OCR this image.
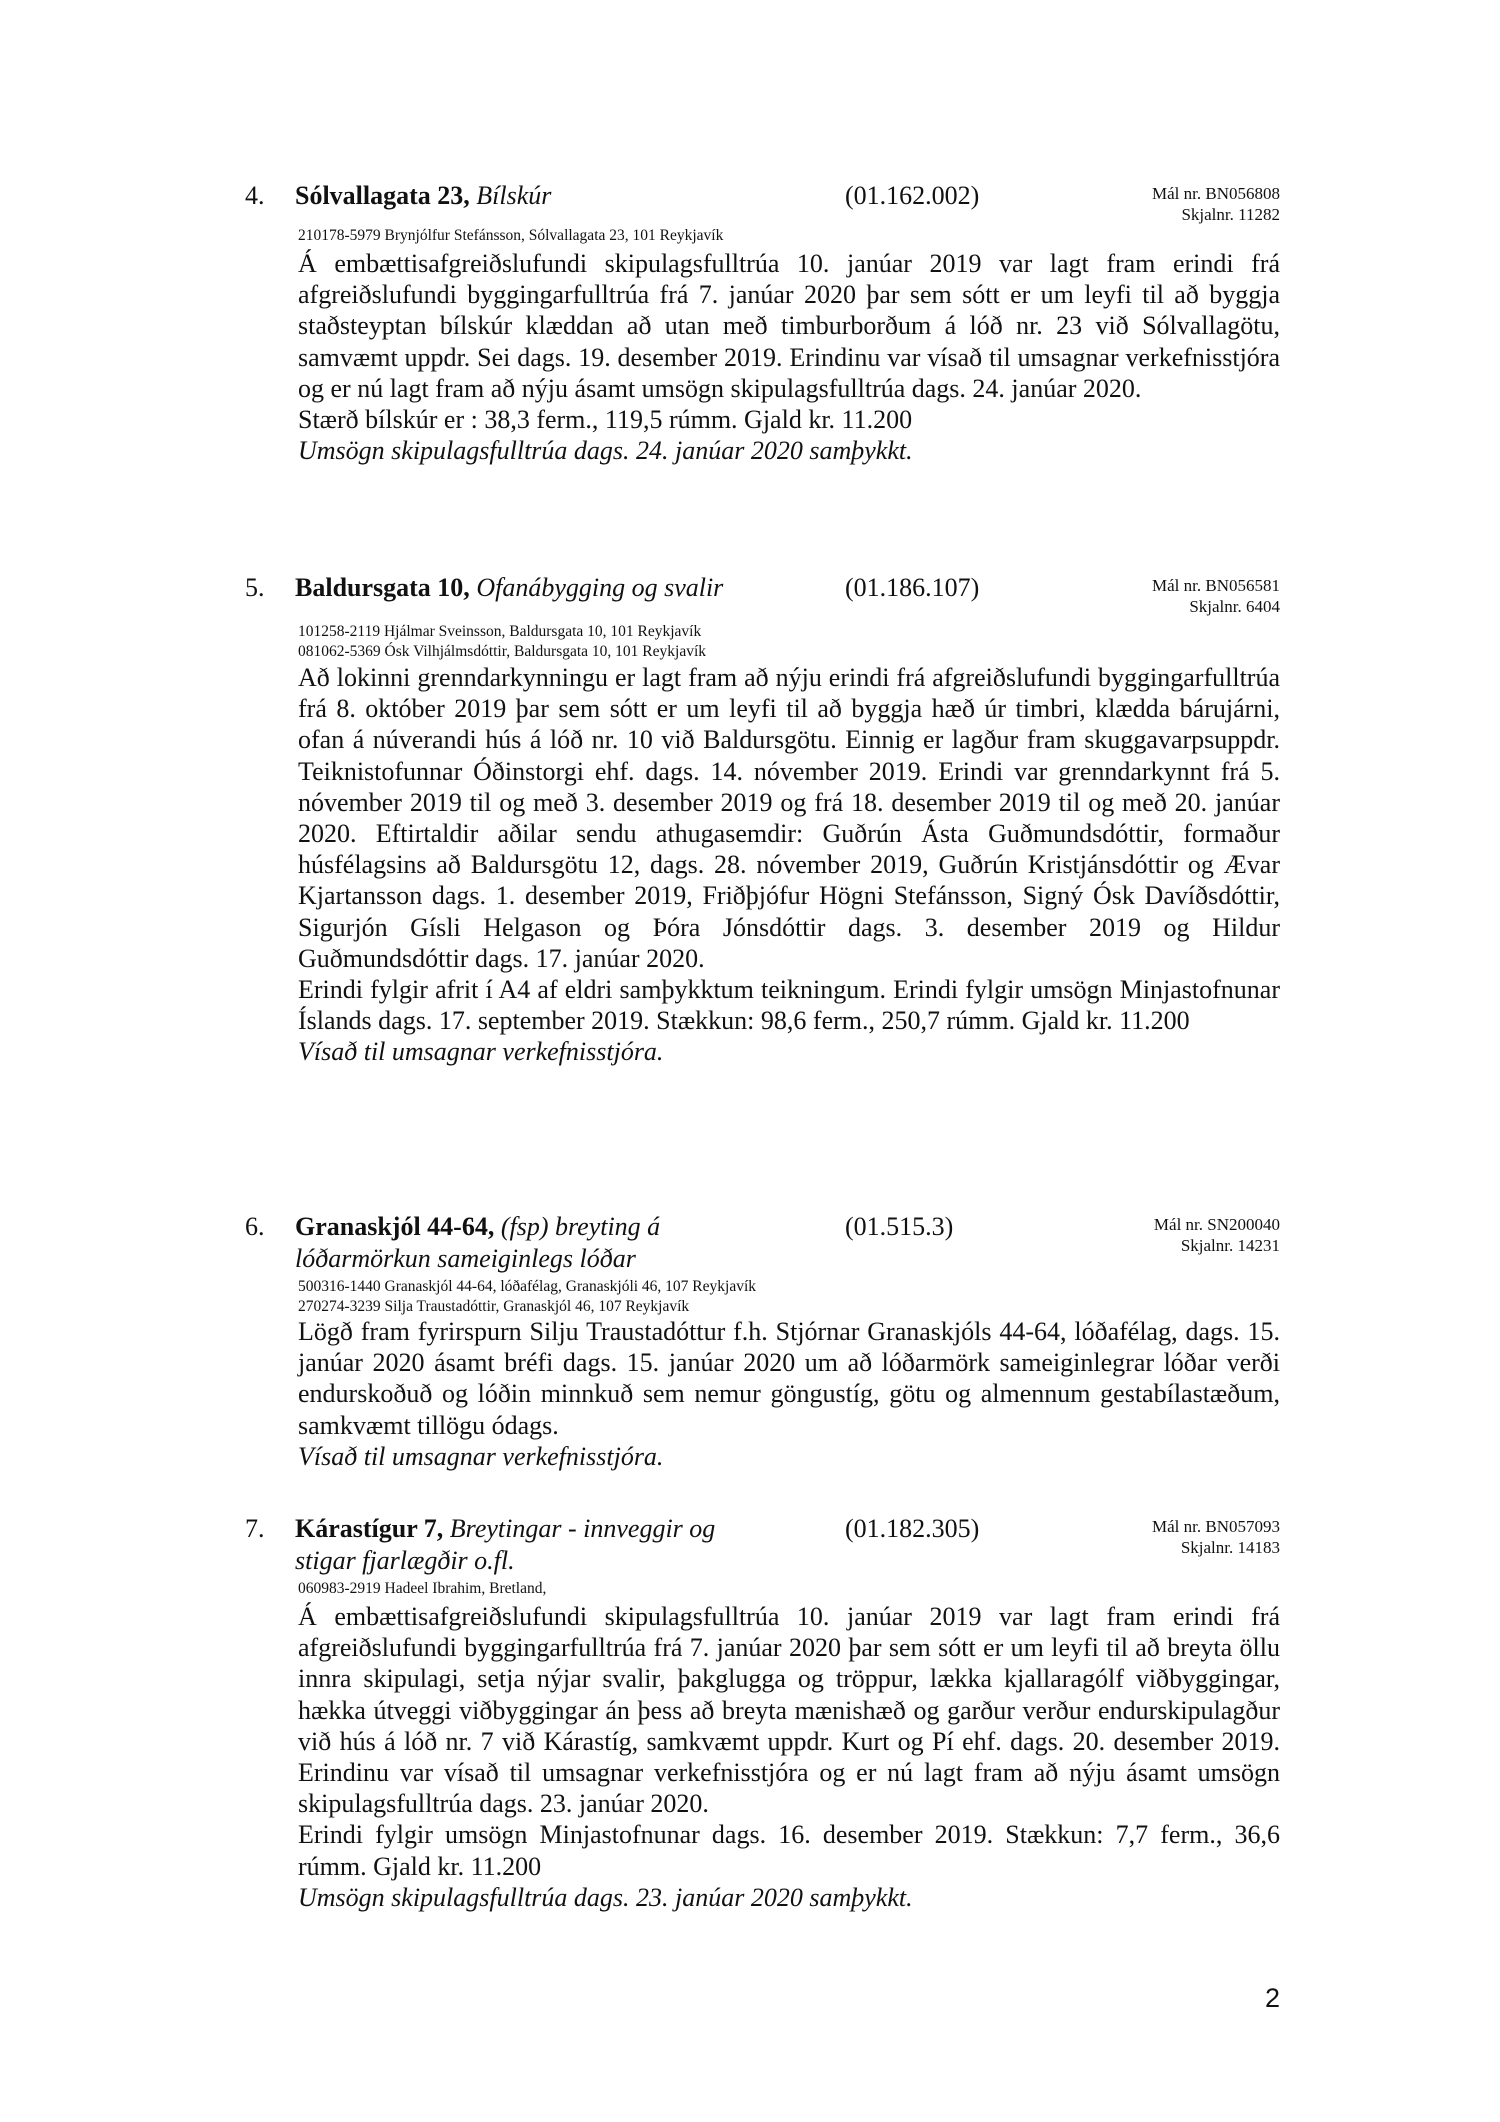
4. Sólvallagata 23, Bílskúr	(01.162.002)	Mál nr. BN056808
Skjalnr. 11282
210178-5979 Brynjólfur Stefánsson, Sólvallagata 23, 101 Reykjavík

Á embættisafgreiðslufundi skipulagsfulltrúa 10. janúar 2019 var lagt fram erindi frá afgreiðslufundi byggingarfulltrúa frá 7. janúar 2020 þar sem sótt er um leyfi til að byggja staðsteyptan bílskúr klæddan að utan með timburborðum á lóð nr. 23 við Sólvallagötu, samvæmt uppdr. Sei dags. 19. desember 2019. Erindinu var vísað til umsagnar verkefnisstjóra og er nú lagt fram að nýju ásamt umsögn skipulagsfulltrúa dags. 24. janúar 2020.

Stærð bílskúr er : 38,3 ferm., 119,5 rúmm. Gjald kr. 11.200

Umsögn skipulagsfulltrúa dags. 24. janúar 2020 samþykkt.

5. Baldursgata 10, Ofanábygging og svalir	(01.186.107)	Mál nr. BN056581
Skjalnr. 6404
101258-2119 Hjálmar Sveinsson, Baldursgata 10, 101 Reykjavík
081062-5369 Ósk Vilhjálmsdóttir, Baldursgata 10, 101 Reykjavík

Að lokinni grenndarkynningu er lagt fram að nýju erindi frá afgreiðslufundi byggingarfulltrúa frá 8. október 2019 þar sem sótt er um leyfi til að byggja hæð úr timbri, klædda bárujárni, ofan á núverandi hús á lóð nr. 10 við Baldursgötu. Einnig er lagður fram skuggavarpsuppdr. Teiknistofunnar Óðinstorgi ehf. dags. 14. nóvember 2019. Erindi var grenndarkynnt frá 5. nóvember 2019 til og með 3. desember 2019 og frá 18. desember 2019 til og með 20. janúar 2020. Eftirtaldir aðilar sendu athugasemdir: Guðrún Ásta Guðmundsdóttir, formaður húsfélagsins að Baldursgötu 12, dags. 28. nóvember 2019, Guðrún Kristjánsdóttir og Ævar Kjartansson dags. 1. desember 2019, Friðþjófur Högni Stefánsson, Signý Ósk Davíðsdóttir, Sigurjón Gísli Helgason og Þóra Jónsdóttir dags. 3. desember 2019 og Hildur Guðmundsdóttir dags. 17. janúar 2020.

Erindi fylgir afrit í A4 af eldri samþykktum teikningum. Erindi fylgir umsögn Minjastofnunar Íslands dags. 17. september 2019. Stækkun: 98,6 ferm., 250,7 rúmm. Gjald kr. 11.200

Vísað til umsagnar verkefnisstjóra.

6. Granaskjól 44-64, (fsp) breyting á lóðarmörkun sameiginlegs lóðar
(01.515.3)	Mál nr. SN200040
Skjalnr. 14231
500316-1440 Granaskjól 44-64, lóðafélag, Granaskjóli 46, 107 Reykjavík
270274-3239 Silja Traustadóttir, Granaskjól 46, 107 Reykjavík

Lögð fram fyrirspurn Silju Traustadóttur f.h. Stjórnar Granaskjóls 44-64, lóðafélag, dags. 15. janúar 2020 ásamt bréfi dags. 15. janúar 2020 um að lóðarmörk sameiginlegrar lóðar verði endurskoðuð og lóðin minnkuð sem nemur göngustíg, götu og almennum gestabílastæðum, samkvæmt tillögu ódags.

Vísað til umsagnar verkefnisstjóra.

7. Kárastígur 7, Breytingar - innveggir og stigar fjarlægðir o.fl.
(01.182.305)	Mál nr. BN057093
Skjalnr. 14183
060983-2919 Hadeel Ibrahim, Bretland,

Á embættisafgreiðslufundi skipulagsfulltrúa 10. janúar 2019 var lagt fram erindi frá afgreiðslufundi byggingarfulltrúa frá 7. janúar 2020 þar sem sótt er um leyfi til að breyta öllu innra skipulagi, setja nýjar svalir, þakglugga og tröppur, lækka kjallaragólf viðbyggingar, hækka útveggi viðbyggingar án þess að breyta mænishæð og garður verður endurskipulagður við hús á lóð nr. 7 við Kárastíg, samkvæmt uppdr. Kurt og Pí ehf. dags. 20. desember 2019. Erindinu var vísað til umsagnar verkefnisstjóra og er nú lagt fram að nýju ásamt umsögn skipulagsfulltrúa dags. 23. janúar 2020.

Erindi fylgir umsögn Minjastofnunar dags. 16. desember 2019. Stækkun: 7,7 ferm., 36,6 rúmm. Gjald kr. 11.200

Umsögn skipulagsfulltrúa dags. 23. janúar 2020 samþykkt.

2
